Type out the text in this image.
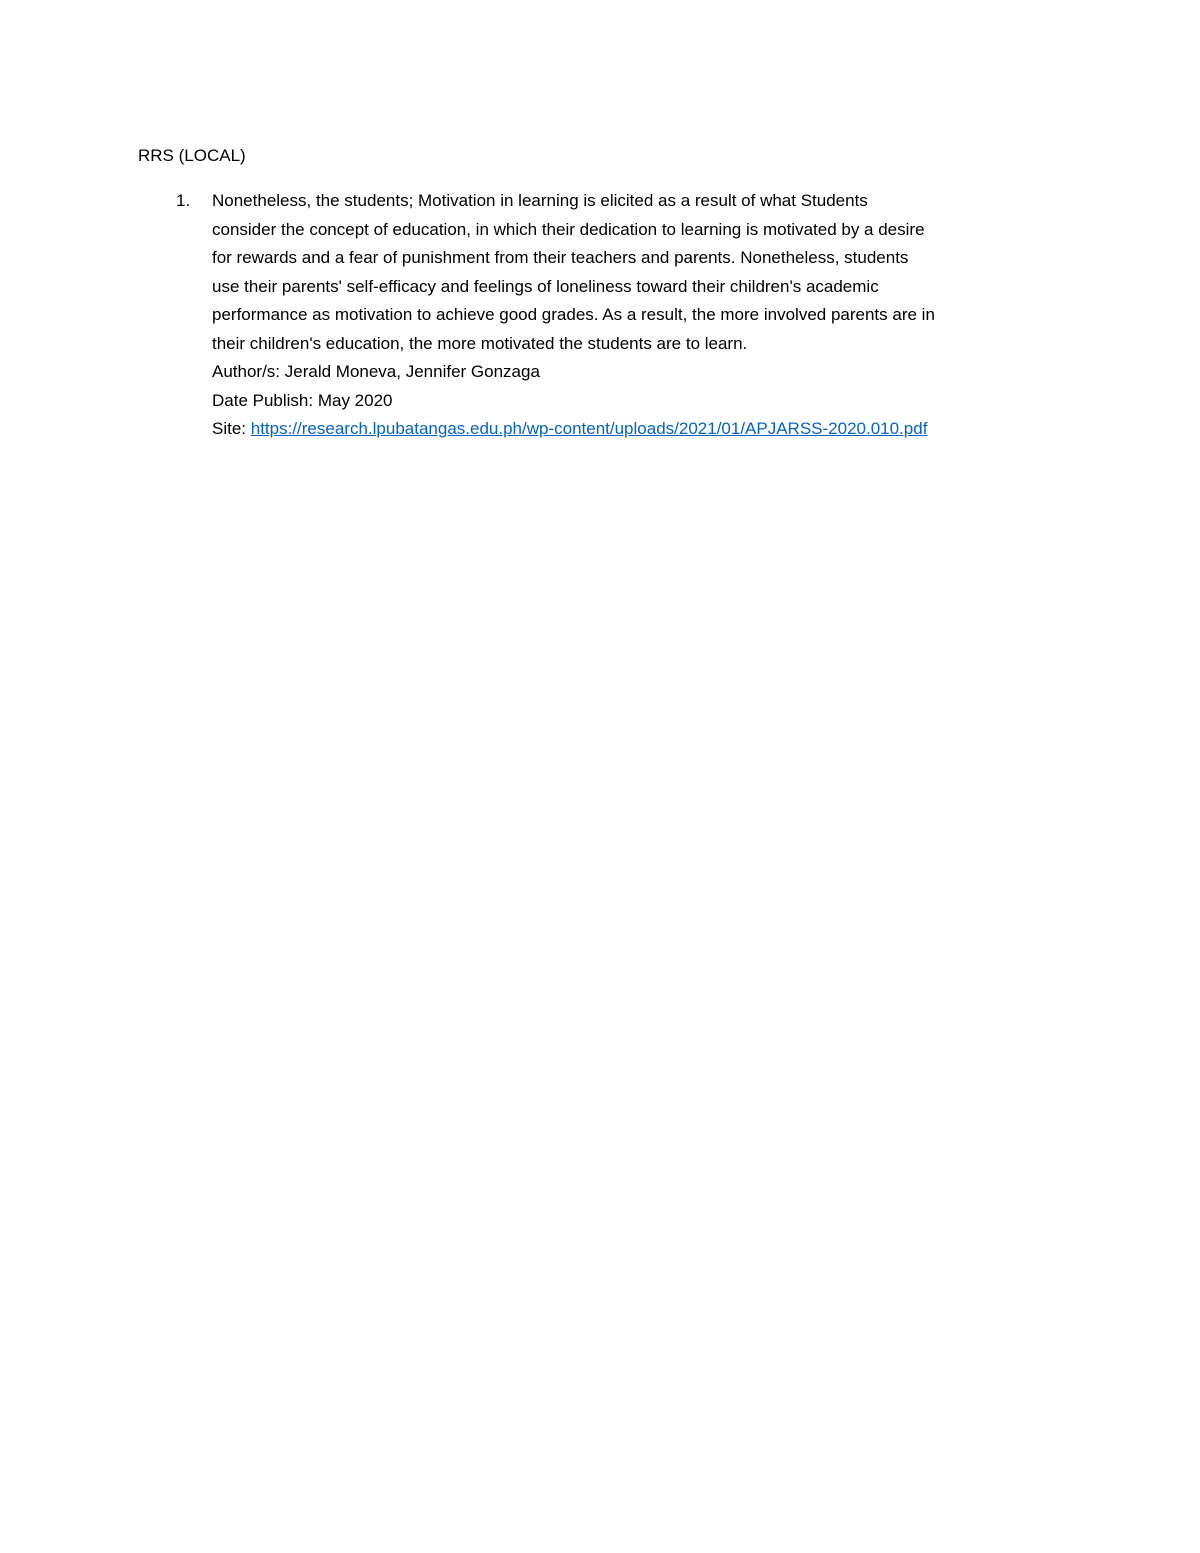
RRS (LOCAL)
1.	Nonetheless, the students; Motivation in learning is elicited as a result of what Students
consider the concept of education, in which their dedication to learning is motivated by a desire
for rewards and a fear of punishment from their teachers and parents. Nonetheless, students
use their parents' self-efficacy and feelings of loneliness toward their children's academic
performance as motivation to achieve good grades. As a result, the more involved parents are in
their children's education, the more motivated the students are to learn.
Author/s: Jerald Moneva, Jennifer Gonzaga
Date Publish: May 2020
Site: https://research.lpubatangas.edu.ph/wp-content/uploads/2021/01/APJARSS-2020.010.pdf
